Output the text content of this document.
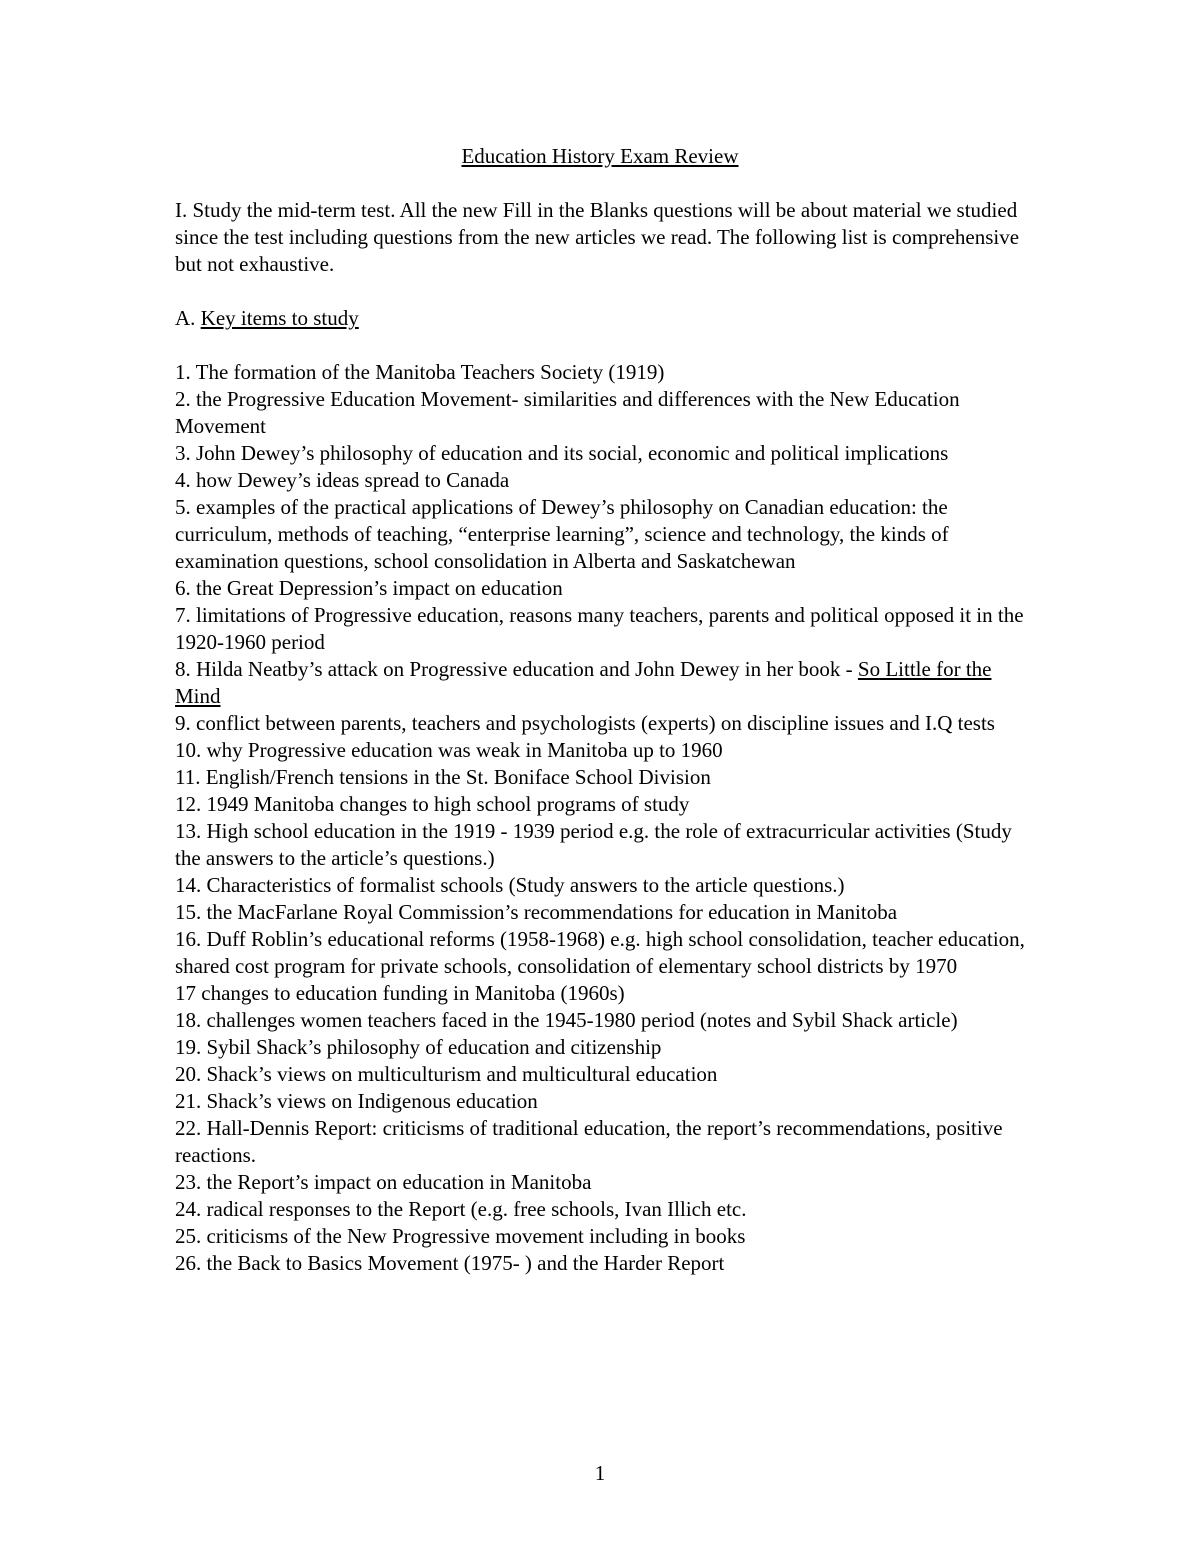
Education History Exam Review

I. Study the mid-term test. All the new Fill in the Blanks questions will be about material we studied since the test including questions from the new articles we read. The following list is comprehensive but not exhaustive.

A. Key items to study

1. The formation of the Manitoba Teachers Society (1919)
2. the Progressive Education Movement- similarities and differences with the New Education Movement
3. John Dewey’s philosophy of education and its social, economic and political implications
4. how Dewey’s ideas spread to Canada
5. examples of the practical applications of Dewey’s philosophy on Canadian education: the curriculum, methods of teaching, “enterprise learning”, science and technology, the kinds of examination questions, school consolidation in Alberta and Saskatchewan
6. the Great Depression’s impact on education
7. limitations of Progressive education, reasons many teachers, parents and political opposed it in the 1920-1960 period
8. Hilda Neatby’s attack on Progressive education and John Dewey in her book - So Little for the Mind
9. conflict between parents, teachers and psychologists (experts) on discipline issues and I.Q tests
10. why Progressive education was weak in Manitoba up to 1960
11. English/French tensions in the St. Boniface School Division
12. 1949 Manitoba changes to high school programs of study
13. High school education in the 1919 - 1939 period e.g. the role of extracurricular activities (Study the answers to the article’s questions.)
14. Characteristics of formalist schools (Study answers to the article questions.)
15. the MacFarlane Royal Commission’s recommendations for education in Manitoba
16. Duff Roblin’s educational reforms (1958-1968) e.g. high school consolidation, teacher education, shared cost program for private schools, consolidation of elementary school districts by 1970
17 changes to education funding in Manitoba (1960s)
18. challenges women teachers faced in the 1945-1980 period (notes and Sybil Shack article)
19. Sybil Shack’s philosophy of education and citizenship
20. Shack’s views on multiculturism and multicultural education
21. Shack’s views on Indigenous education
22. Hall-Dennis Report: criticisms of traditional education, the report’s recommendations, positive reactions.
23. the Report’s impact on education in Manitoba
24. radical responses to the Report (e.g. free schools, Ivan Illich etc.
25. criticisms of the New Progressive movement including in books
26. the Back to Basics Movement (1975- ) and the Harder Report
1
